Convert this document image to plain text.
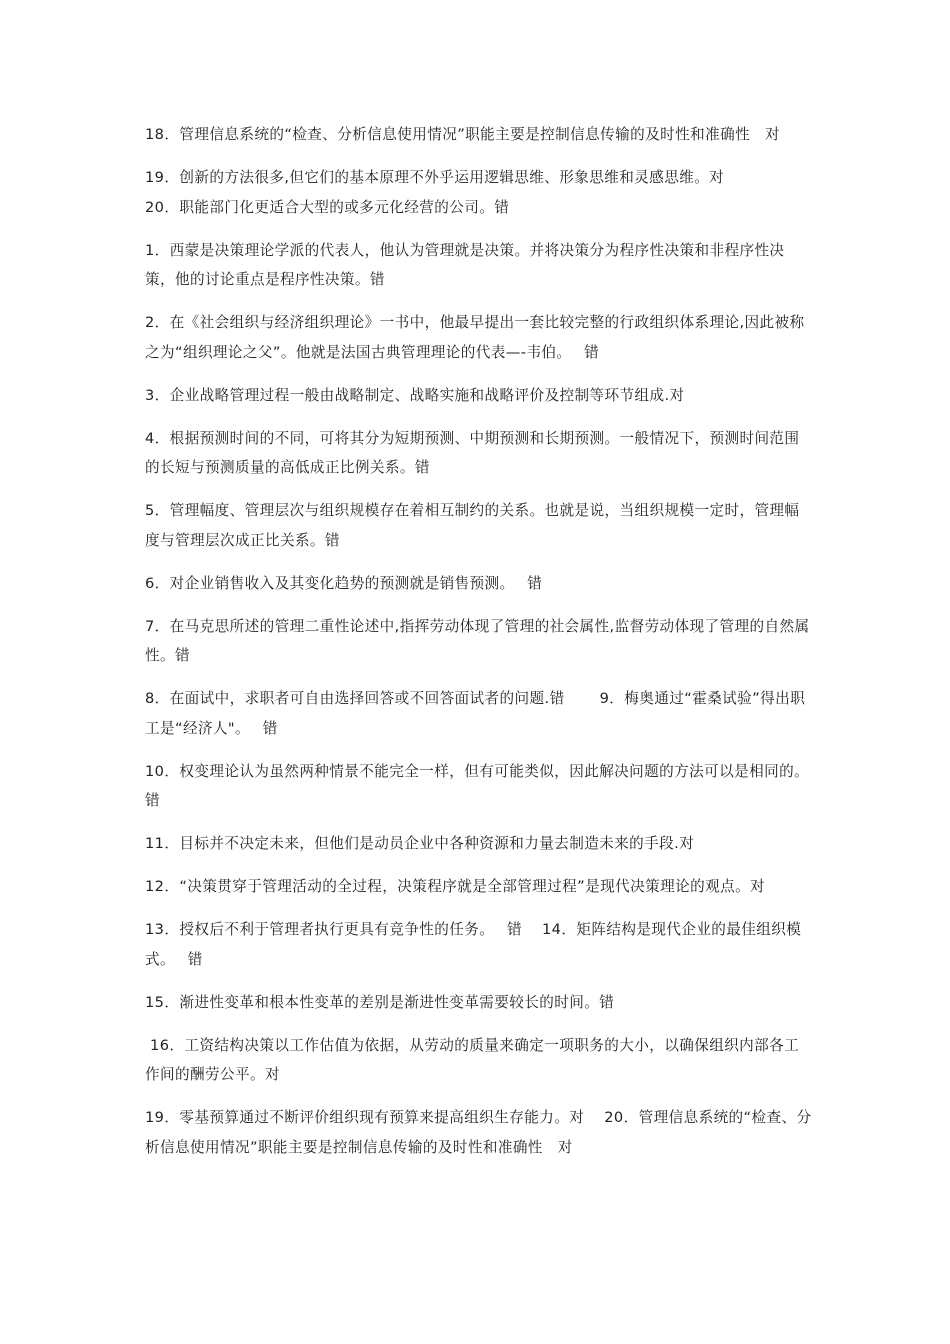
18．管理信息系统的“检查、分析信息使用情况”职能主要是控制信息传输的及时性和准确性　对

19．创新的方法很多,但它们的基本原理不外乎运用逻辑思维、形象思维和灵感思维。对

20．职能部门化更适合大型的或多元化经营的公司。错

1．西蒙是决策理论学派的代表人，他认为管理就是决策。并将决策分为程序性决策和非程序性决策，他的讨论重点是程序性决策。错

2．在《社会组织与经济组织理论》一书中，他最早提出一套比较完整的行政组织体系理论,因此被称之为“组织理论之父”。他就是法国古典管理理论的代表—-韦伯。　 错

3．企业战略管理过程一般由战略制定、战略实施和战略评价及控制等环节组成.对

4．根据预测时间的不同，可将其分为短期预测、中期预测和长期预测。一般情况下，预测时间范围的长短与预测质量的高低成正比例关系。错

5．管理幅度、管理层次与组织规模存在着相互制约的关系。也就是说，当组织规模一定时，管理幅度与管理层次成正比关系。错

6．对企业销售收入及其变化趋势的预测就是销售预测。　 错

7．在马克思所述的管理二重性论述中,指挥劳动体现了管理的社会属性,监督劳动体现了管理的自然属性。错

8．在面试中，求职者可自由选择回答或不回答面试者的问题.错　　 9．梅奥通过“霍桑试验”得出职工是“经济人"。　 错

10．权变理论认为虽然两种情景不能完全一样，但有可能类似，因此解决问题的方法可以是相同的。错

11．目标并不决定未来，但他们是动员企业中各种资源和力量去制造未来的手段.对

12．“决策贯穿于管理活动的全过程，决策程序就是全部管理过程”是现代决策理论的观点。对

13．授权后不利于管理者执行更具有竞争性的任务。　 错　 14．矩阵结构是现代企业的最佳组织模式。　 错

15．渐进性变革和根本性变革的差别是渐进性变革需要较长的时间。错

16．工资结构决策以工作估值为依据，从劳动的质量来确定一项职务的大小，以确保组织内部各工作间的酬劳公平。对

19．零基预算通过不断评价组织现有预算来提高组织生存能力。对　 20．管理信息系统的“检查、分析信息使用情况”职能主要是控制信息传输的及时性和准确性　对
